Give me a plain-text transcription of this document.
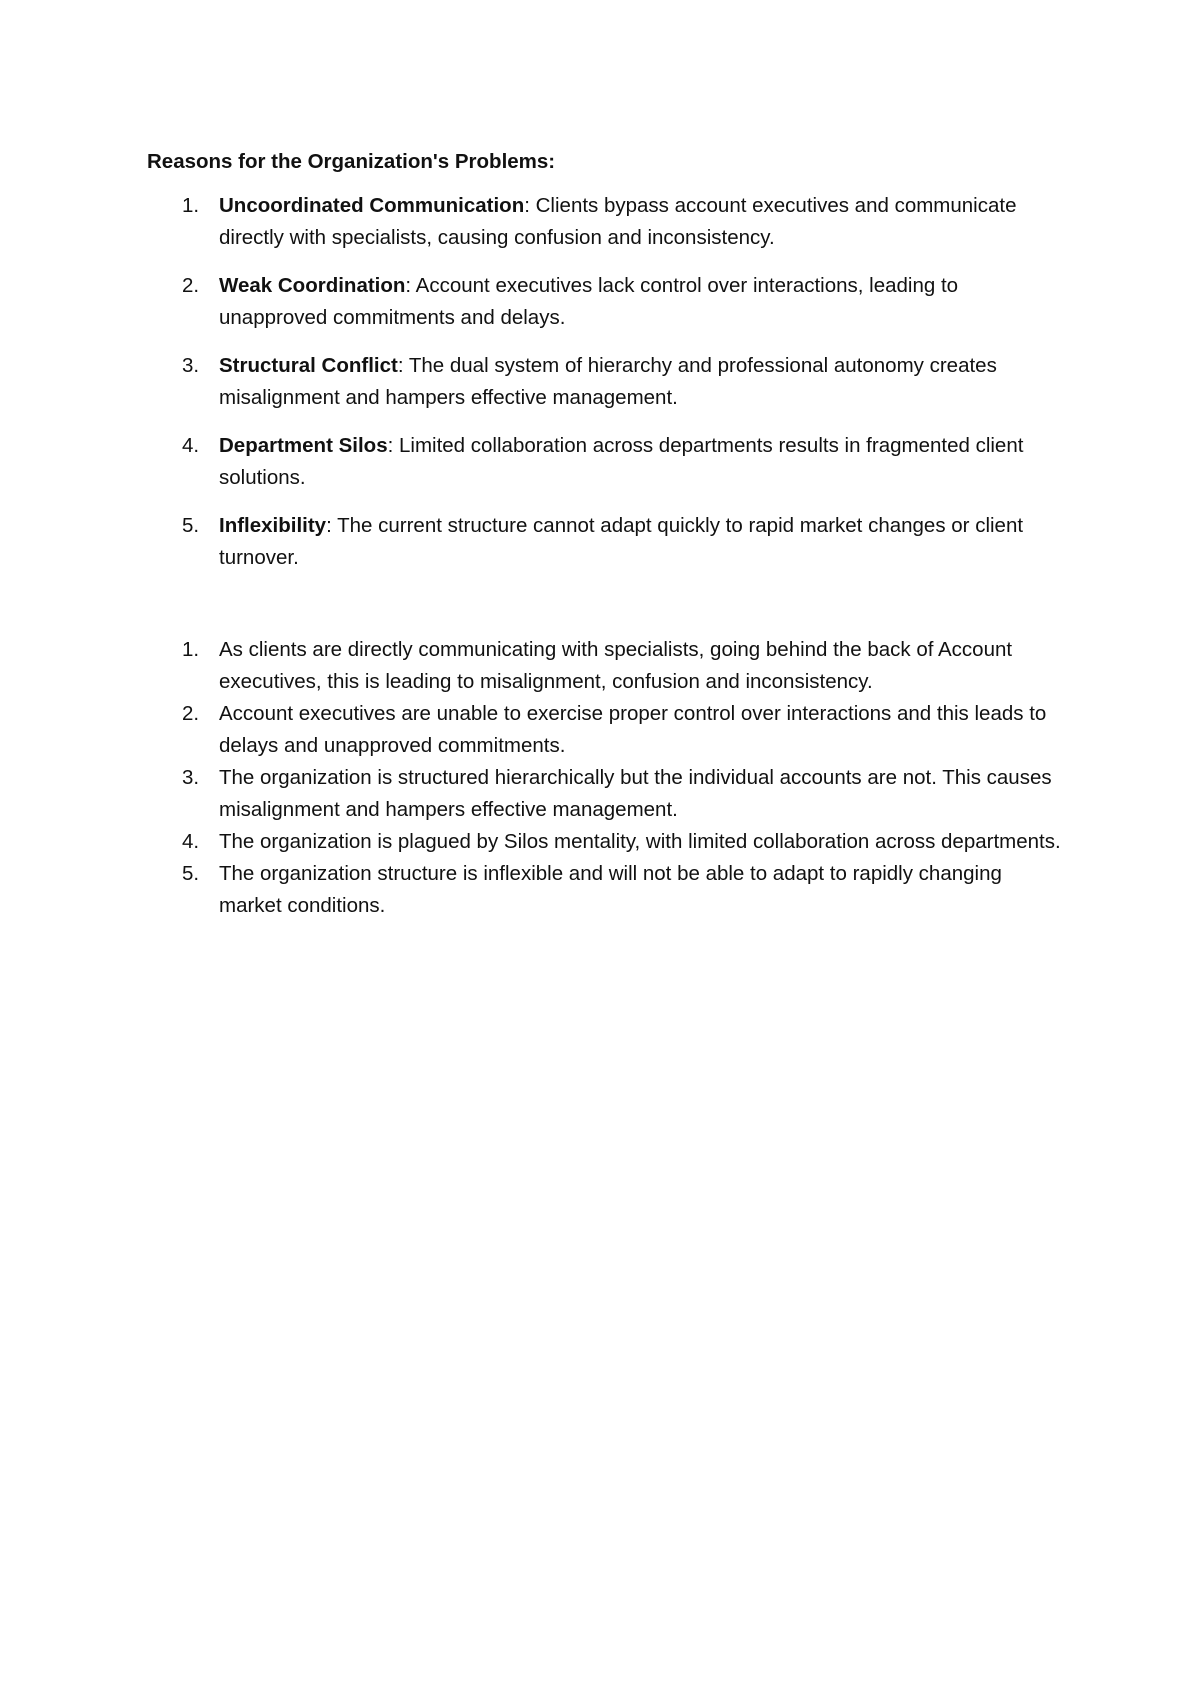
Reasons for the Organization's Problems:
1. Uncoordinated Communication: Clients bypass account executives and communicate directly with specialists, causing confusion and inconsistency.
2. Weak Coordination: Account executives lack control over interactions, leading to unapproved commitments and delays.
3. Structural Conflict: The dual system of hierarchy and professional autonomy creates misalignment and hampers effective management.
4. Department Silos: Limited collaboration across departments results in fragmented client solutions.
5. Inflexibility: The current structure cannot adapt quickly to rapid market changes or client turnover.
1. As clients are directly communicating with specialists, going behind the back of Account executives, this is leading to misalignment, confusion and inconsistency.
2. Account executives are unable to exercise proper control over interactions and this leads to delays and unapproved commitments.
3. The organization is structured hierarchically but the individual accounts are not. This causes misalignment and hampers effective management.
4. The organization is plagued by Silos mentality, with limited collaboration across departments.
5. The organization structure is inflexible and will not be able to adapt to rapidly changing market conditions.
